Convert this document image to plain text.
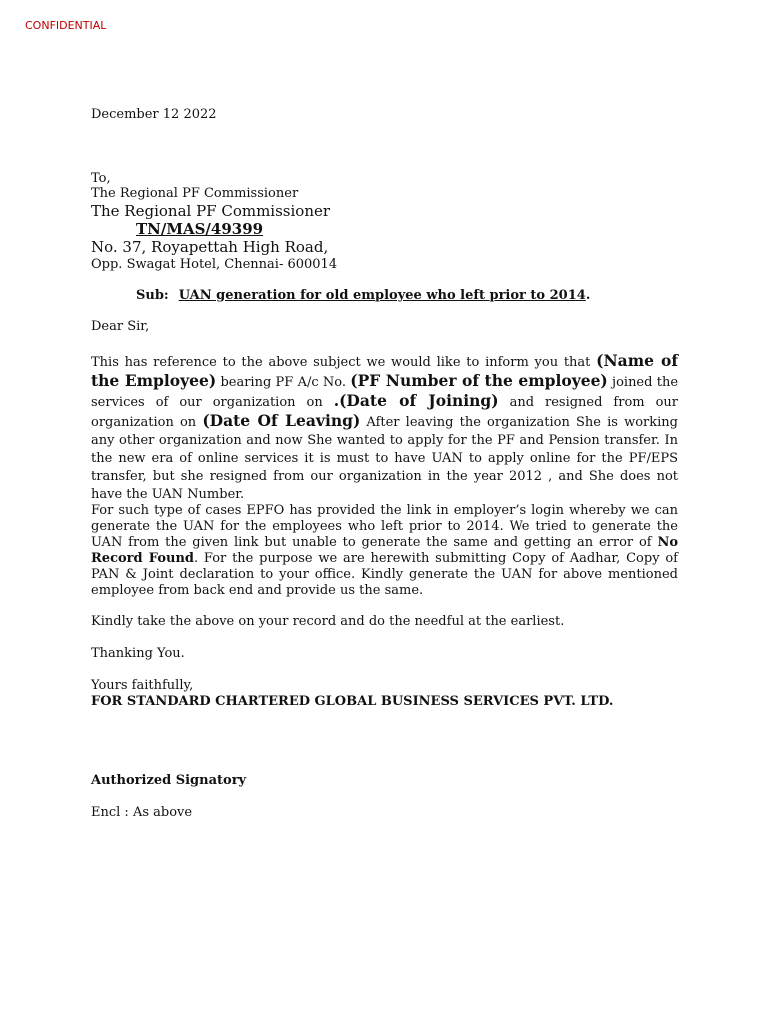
CONFIDENTIAL
December 12 2022
To,
The Regional PF Commissioner
The Regional PF Commissioner
TN/MAS/49399
No. 37, Royapettah High Road,
Opp. Swagat Hotel, Chennai- 600014
Sub: UAN generation for old employee who left prior to 2014.
Dear Sir,
This has reference to the above subject we would like to inform you that (Name of the Employee) bearing PF A/c No. (PF Number of the employee) joined the services of our organization on .(Date of Joining) and resigned from our organization on (Date Of Leaving) After leaving the organization She is working any other organization and now She wanted to apply for the PF and Pension transfer. In the new era of online services it is must to have UAN to apply online for the PF/EPS transfer, but she resigned from our organization in the year 2012 , and She does not have the UAN Number.
For such type of cases EPFO has provided the link in employer’s login whereby we can generate the UAN for the employees who left prior to 2014. We tried to generate the UAN from the given link but unable to generate the same and getting an error of No Record Found. For the purpose we are herewith submitting Copy of Aadhar, Copy of PAN & Joint declaration to your office. Kindly generate the UAN for above mentioned employee from back end and provide us the same.
Kindly take the above on your record and do the needful at the earliest.
Thanking You.
Yours faithfully,
FOR STANDARD CHARTERED GLOBAL BUSINESS SERVICES PVT. LTD.
Authorized Signatory
Encl : As above
